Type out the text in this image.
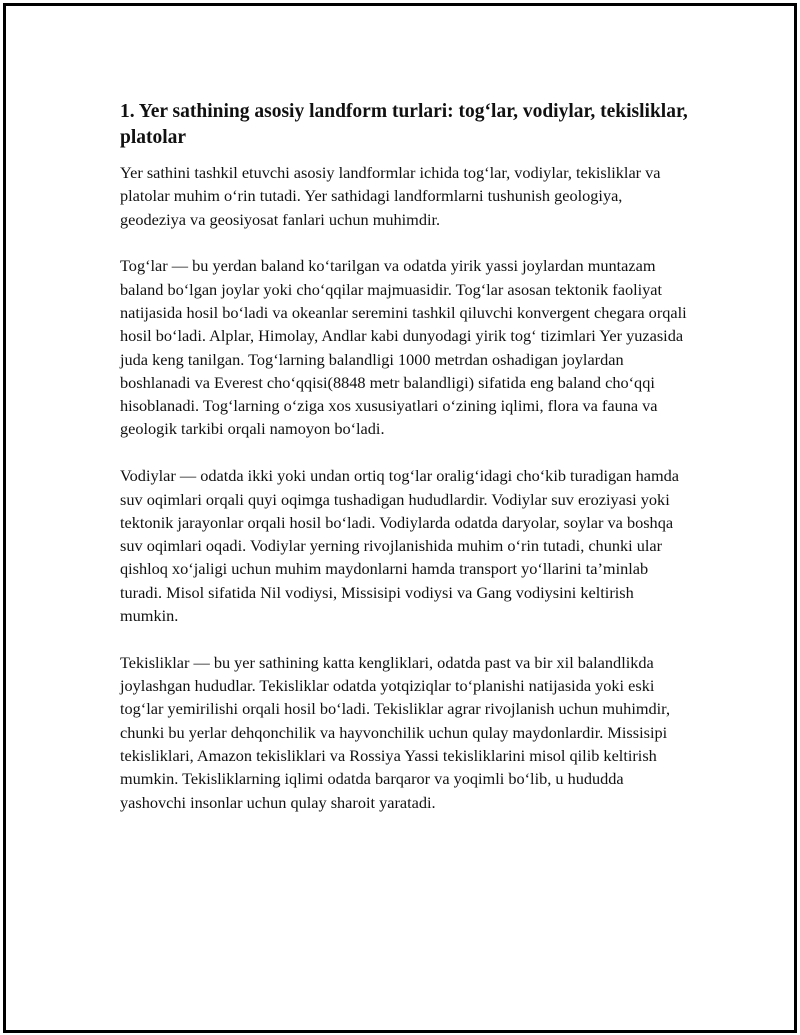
1. Yer sathining asosiy landform turlari: tog‘lar, vodiylar, tekisliklar, platolar

Yer sathini tashkil etuvchi asosiy landformlar ichida tog‘lar, vodiylar, tekisliklar va platolar muhim o‘rin tutadi. Yer sathidagi landformlarni tushunish geologiya, geodeziya va geosiyosat fanlari uchun muhimdir.

Tog‘lar — bu yerdan baland ko‘tarilgan va odatda yirik yassi joylardan muntazam baland bo‘lgan joylar yoki cho‘qqilar majmuasidir. Tog‘lar asosan tektonik faoliyat natijasida hosil bo‘ladi va okeanlar seremini tashkil qiluvchi konvergent chegara orqali hosil bo‘ladi. Alplar, Himolay, Andlar kabi dunyodagi yirik tog‘ tizimlari Yer yuzasida juda keng tanilgan. Tog‘larning balandligi 1000 metrdan oshadigan joylardan boshlanadi va Everest cho‘qqisi(8848 metr balandligi) sifatida eng baland cho‘qqi hisoblanadi. Tog‘larning o‘ziga xos xususiyatlari o‘zining iqlimi, flora va fauna va geologik tarkibi orqali namoyon bo‘ladi.

Vodiylar — odatda ikki yoki undan ortiq tog‘lar oralig‘idagi cho‘kib turadigan hamda suv oqimlari orqali quyi oqimga tushadigan hududlardir. Vodiylar suv eroziyasi yoki tektonik jarayonlar orqali hosil bo‘ladi. Vodiylarda odatda daryolar, soylar va boshqa suv oqimlari oqadi. Vodiylar yerning rivojlanishida muhim o‘rin tutadi, chunki ular qishloq xo‘jaligi uchun muhim maydonlarni hamda transport yo‘llarini ta’minlab turadi. Misol sifatida Nil vodiysi, Missisipi vodiysi va Gang vodiysini keltirish mumkin.

Tekisliklar — bu yer sathining katta kengliklari, odatda past va bir xil balandlikda joylashgan hududlar. Tekisliklar odatda yotqiziqlar to‘planishi natijasida yoki eski tog‘lar yemirilishi orqali hosil bo‘ladi. Tekisliklar agrar rivojlanish uchun muhimdir, chunki bu yerlar dehqonchilik va hayvonchilik uchun qulay maydonlardir. Missisipi tekisliklari, Amazon tekisliklari va Rossiya Yassi tekisliklarini misol qilib keltirish mumkin. Tekisliklarning iqlimi odatda barqaror va yoqimli bo‘lib, u hududda yashovchi insonlar uchun qulay sharoit yaratadi.
